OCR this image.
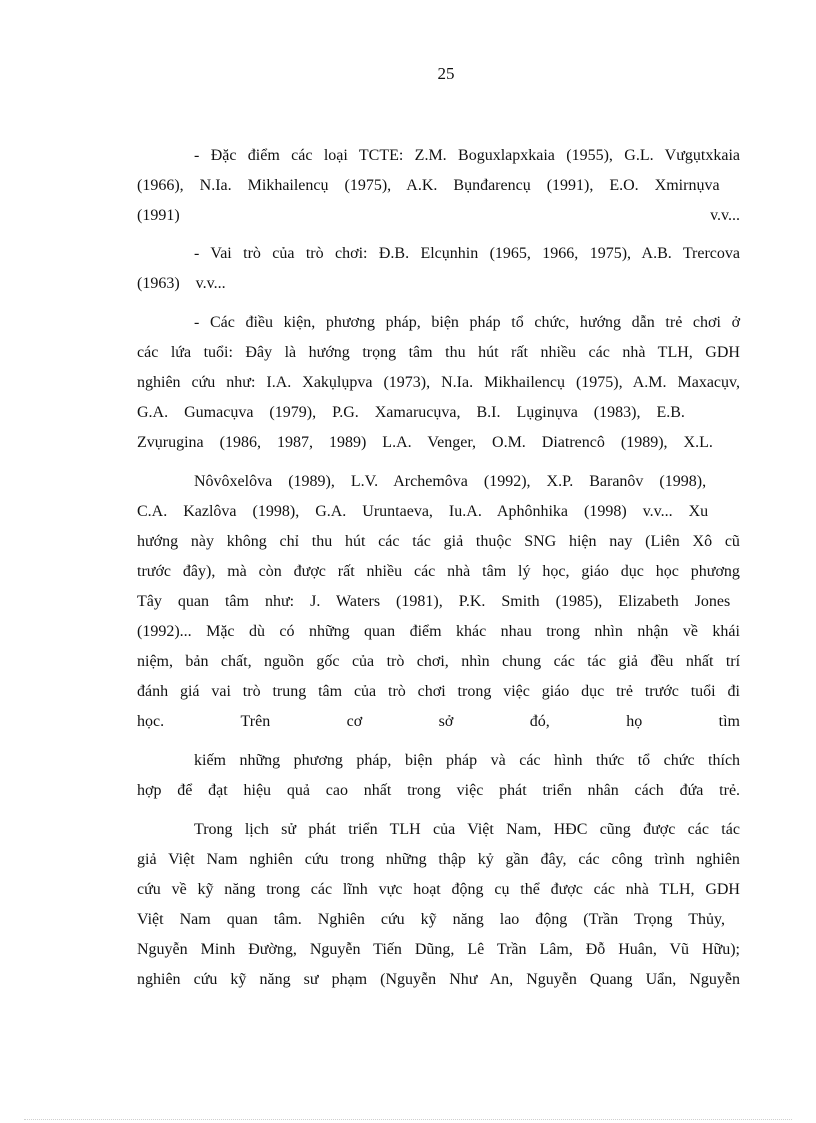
25
- Đặc điểm các loại TCTE: Z.M. Boguxlapxkaia (1955), G.L. Vưgụtxkaia
(1966), N.Ia. Mikhailencụ (1975), A.K. Bụnđarencụ (1991), E.O. Xmirnụva
(1991)	v.v...
- Vai trò của trò chơi: Đ.B. Elcụnhin (1965, 1966, 1975), A.B. Trercova
(1963) v.v...
- Các điều kiện, phương pháp, biện pháp tổ chức, hướng dẫn trẻ chơi ở
các lứa tuổi: Đây là hướng trọng tâm thu hút rất nhiều các nhà TLH, GDH
nghiên cứu như: I.A. Xakụlụpva (1973), N.Ia. Mikhailencụ (1975), A.M. Maxacụv,
G.A. Gumacụva (1979), P.G. Xamarucụva, B.I. Lụginụva (1983), E.B.
Zvụrugina (1986, 1987, 1989) L.A. Venger, O.M. Diatrencô (1989), X.L.
Nôvôxelôva (1989), L.V. Archemôva (1992), X.P. Baranôv (1998),
C.A. Kazlôva (1998), G.A. Uruntaeva, Iu.A. Aphônhika (1998) v.v... Xu
hướng này không chỉ thu hút các tác giả thuộc SNG hiện nay (Liên Xô cũ
trước đây), mà còn được rất nhiều các nhà tâm lý học, giáo dục học phương
Tây quan tâm như: J. Waters (1981), P.K. Smith (1985), Elizabeth Jones
(1992)... Mặc dù có những quan điểm khác nhau trong nhìn nhận về khái
niệm, bản chất, nguồn gốc của trò chơi, nhìn chung các tác giả đều nhất trí
đánh giá vai trò trung tâm của trò chơi trong việc giáo dục trẻ trước tuổi đi
học.	Trên	cơ	sở	đó,	họ	tìm
kiếm những phương pháp, biện pháp và các hình thức tổ chức thích
hợp để đạt hiệu quả cao nhất trong việc phát triển nhân cách đứa trẻ.
Trong lịch sử phát triển TLH của Việt Nam, HĐC cũng được các tác
giả Việt Nam nghiên cứu trong những thập kỷ gần đây, các công trình nghiên
cứu về kỹ năng trong các lĩnh vực hoạt động cụ thể được các nhà TLH, GDH
Việt Nam quan tâm. Nghiên cứu kỹ năng lao động (Trần Trọng Thủy,
Nguyễn Minh Đường, Nguyễn Tiến Dũng, Lê Trần Lâm, Đỗ Huân, Vũ Hữu);
nghiên cứu kỹ năng sư phạm (Nguyễn Như An, Nguyễn Quang Uẩn, Nguyễn
